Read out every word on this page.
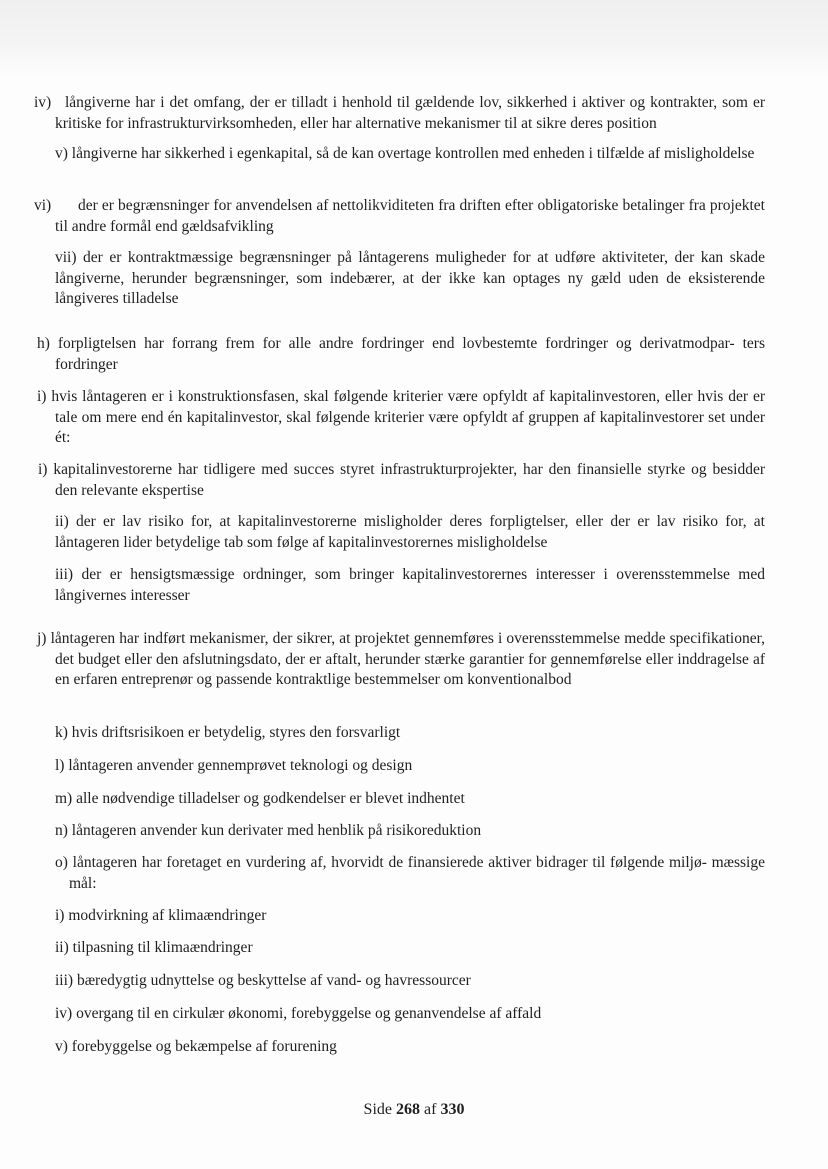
iv) långiverne har i det omfang, der er tilladt i henhold til gældende lov, sikkerhed i aktiver og kontrakter, som er kritiske for infrastrukturvirksomheden, eller har alternative mekanismer til at sikre deres position

v) långiverne har sikkerhed i egenkapital, så de kan overtage kontrollen med enheden i tilfælde af misligholdelse

vi)	der er begrænsninger for anvendelsen af nettolikviditeten fra driften efter obligatoriske betalinger fra projektet til andre formål end gældsafvikling

vii) der er kontraktmæssige begrænsninger på låntagerens muligheder for at udføre aktiviteter, der kan skade långiverne, herunder begrænsninger, som indebærer, at der ikke kan optages ny gæld uden de eksisterende långiveres tilladelse

h) forpligtelsen har forrang frem for alle andre fordringer end lovbestemte fordringer og derivatmodpar- ters fordringer

i) hvis låntageren er i konstruktionsfasen, skal følgende kriterier være opfyldt af kapitalinvestoren, eller hvis der er tale om mere end én kapitalinvestor, skal følgende kriterier være opfyldt af gruppen af kapitalinvestorer set under ét:

i) kapitalinvestorerne har tidligere med succes styret infrastrukturprojekter, har den finansielle styrke og besidder den relevante ekspertise

ii) der er lav risiko for, at kapitalinvestorerne misligholder deres forpligtelser, eller der er lav risiko for, at låntageren lider betydelige tab som følge af kapitalinvestorernes misligholdelse

iii) der er hensigtsmæssige ordninger, som bringer kapitalinvestorernes interesser i overensstemmelse med långivernes interesser

j) låntageren har indført mekanismer, der sikrer, at projektet gennemføres i overensstemmelse medde specifikationer, det budget eller den afslutningsdato, der er aftalt, herunder stærke garantier for gennemførelse eller inddragelse af en erfaren entreprenør og passende kontraktlige bestemmelser om konventionalbod

k) hvis driftsrisikoen er betydelig, styres den forsvarligt

l) låntageren anvender gennemprøvet teknologi og design

m) alle nødvendige tilladelser og godkendelser er blevet indhentet

n) låntageren anvender kun derivater med henblik på risikoreduktion

o) låntageren har foretaget en vurdering af, hvorvidt de finansierede aktiver bidrager til følgende miljø- mæssige mål:

i) modvirkning af klimaændringer

ii) tilpasning til klimaændringer

iii) bæredygtig udnyttelse og beskyttelse af vand- og havressourcer

iv) overgang til en cirkulær økonomi, forebyggelse og genanvendelse af affald

v) forebyggelse og bekæmpelse af forurening

Side 268 af 330
